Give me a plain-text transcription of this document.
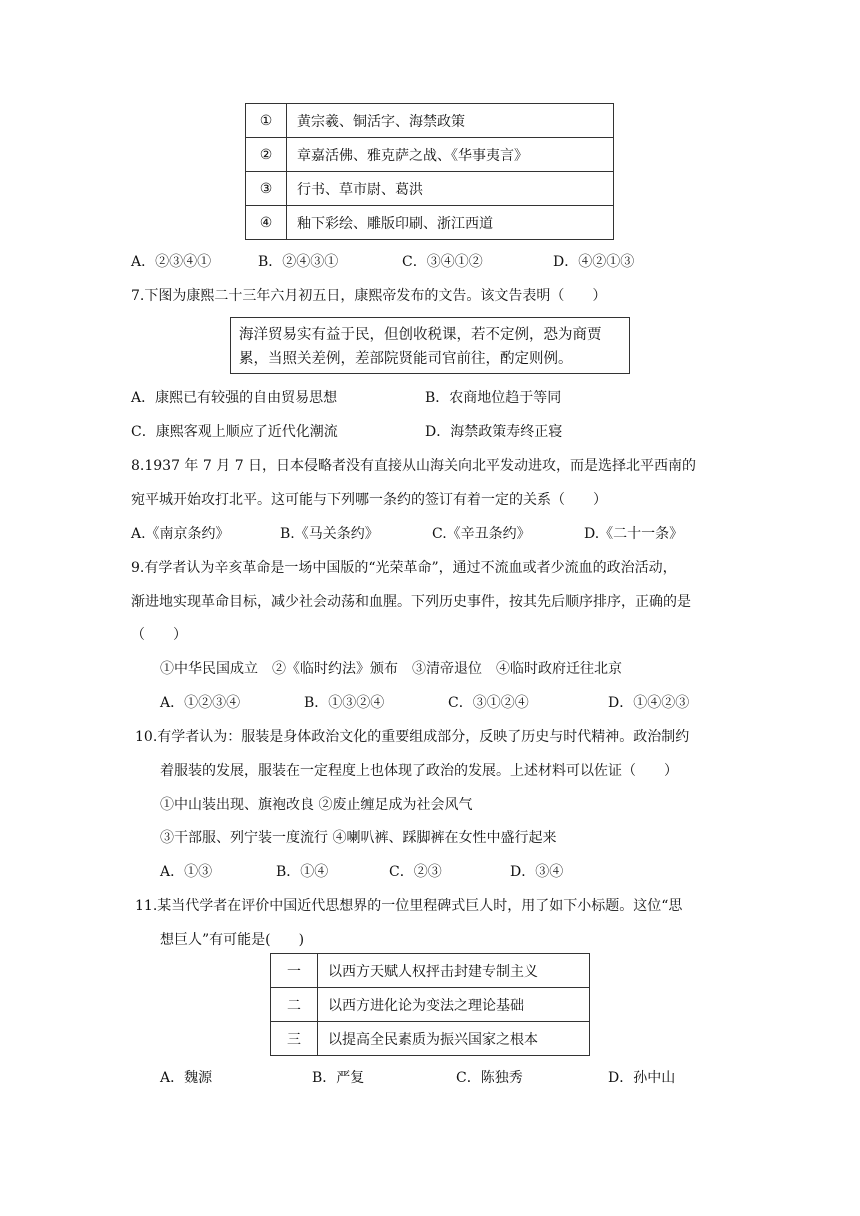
①	黄宗羲、铜活字、海禁政策
②	章嘉活佛、雅克萨之战、《华事夷言》
③	行书、草市尉、葛洪
④	釉下彩绘、雕版印刷、浙江西道
A．②③④①	B．②④③①	C．③④①②	D．④②①③
7.下图为康熙二十三年六月初五日，康熙帝发布的文告。该文告表明（　　）
海洋贸易实有益于民，但创收税课，若不定例，恐为商贾
累，当照关差例，差部院贤能司官前往，酌定则例。
A．康熙已有较强的自由贸易思想	B．农商地位趋于等同
C．康熙客观上顺应了近代化潮流	D．海禁政策寿终正寝
8.1937 年 7 月 7 日，日本侵略者没有直接从山海关向北平发动进攻，而是选择北平西南的
宛平城开始攻打北平。这可能与下列哪一条约的签订有着一定的关系（　　）
A.《南京条约》	B.《马关条约》	C.《辛丑条约》	D.《二十一条》
9.有学者认为辛亥革命是一场中国版的“光荣革命”，通过不流血或者少流血的政治活动，
渐进地实现革命目标，减少社会动荡和血腥。下列历史事件，按其先后顺序排序，正确的是
（　　）
①中华民国成立　②《临时约法》颁布　③清帝退位　④临时政府迁往北京
A．①②③④	B．①③②④	C．③①②④	D．①④②③
10.有学者认为：服装是身体政治文化的重要组成部分，反映了历史与时代精神。政治制约
着服装的发展，服装在一定程度上也体现了政治的发展。上述材料可以佐证（　　）
①中山装出现、旗袍改良 ②废止缠足成为社会风气
③干部服、列宁装一度流行 ④喇叭裤、踩脚裤在女性中盛行起来
A．①③	B．①④	C．②③	D．③④
11.某当代学者在评价中国近代思想界的一位里程碑式巨人时，用了如下小标题。这位“思
想巨人”有可能是(　　)
一	以西方天赋人权抨击封建专制主义
二	以西方进化论为变法之理论基础
三	以提高全民素质为振兴国家之根本
A．魏源	B．严复	C．陈独秀	D．孙中山
